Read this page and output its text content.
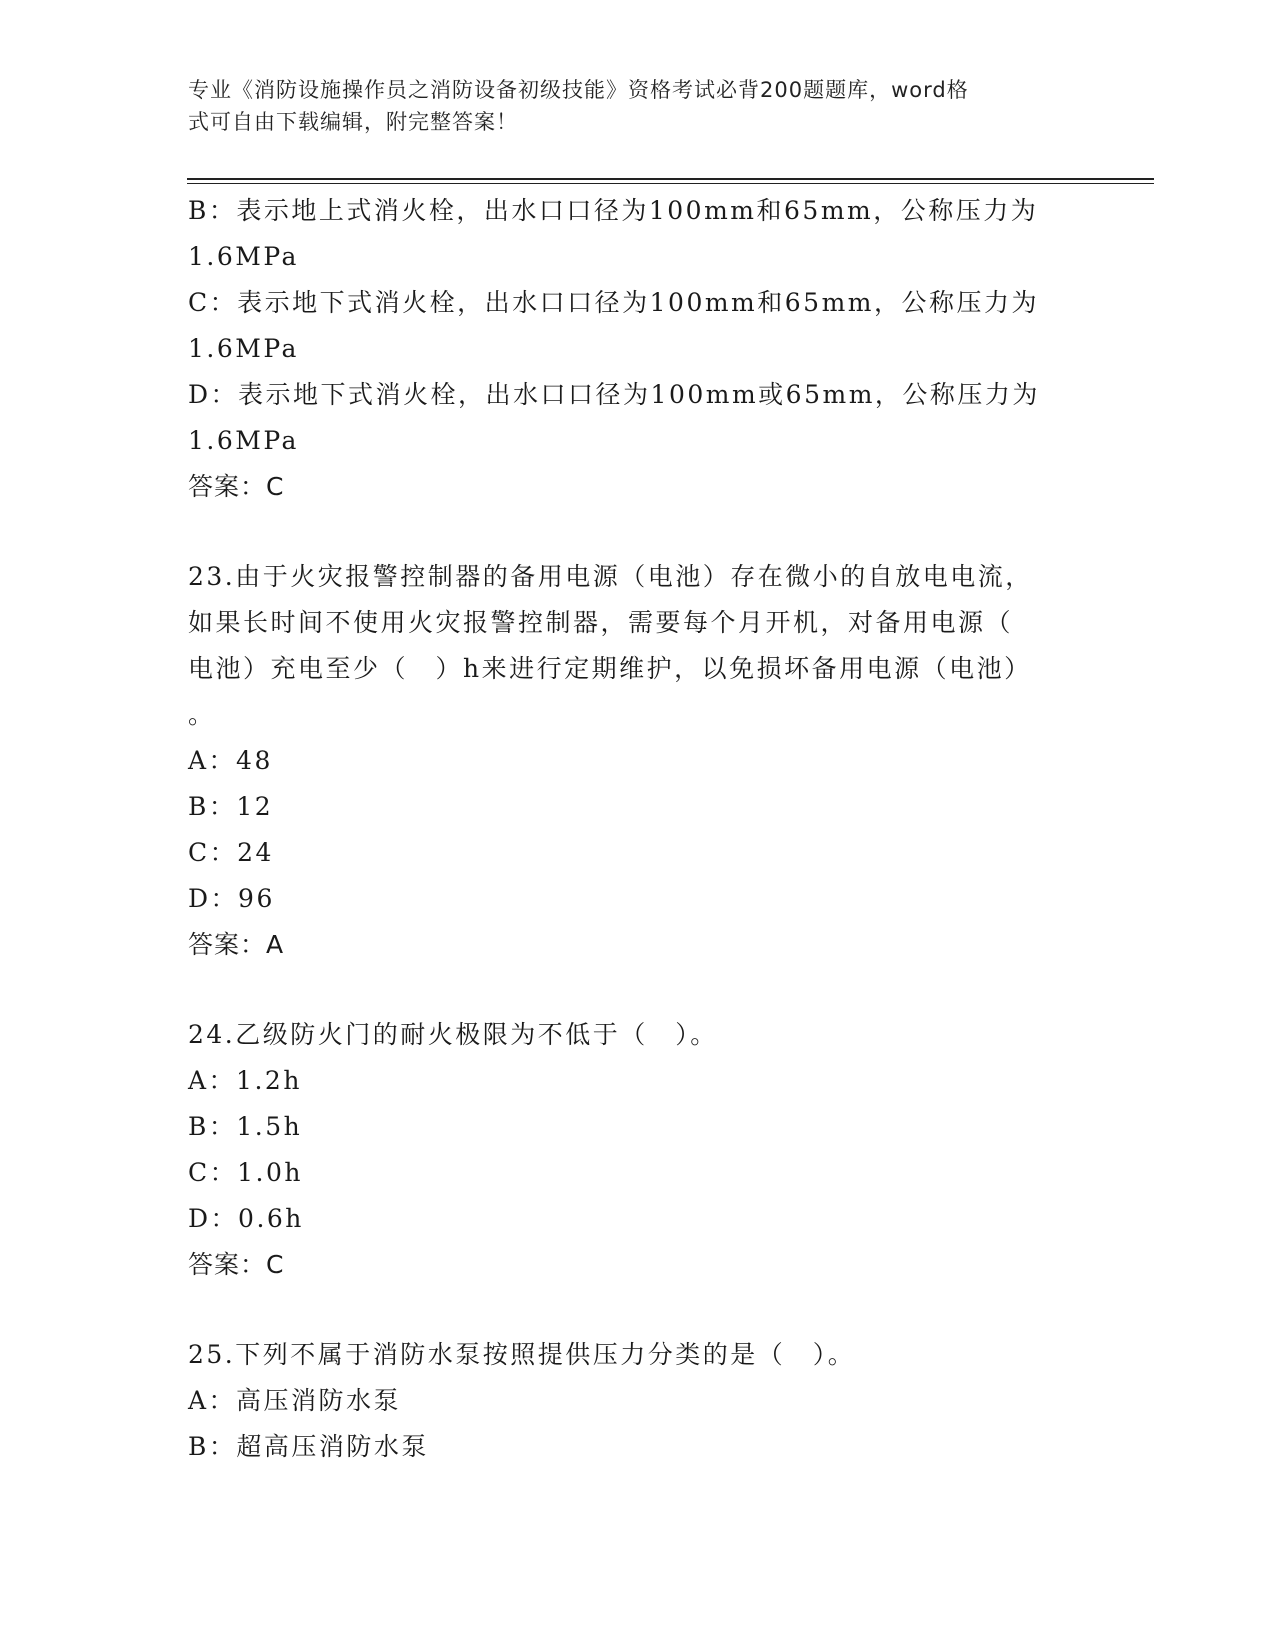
专业《消防设施操作员之消防设备初级技能》资格考试必背200题题库，word格
式可自由下载编辑，附完整答案！
B：表示地上式消火栓，出水口口径为100mm和65mm，公称压力为
1.6MPa
C：表示地下式消火栓，出水口口径为100mm和65mm，公称压力为
1.6MPa
D：表示地下式消火栓，出水口口径为100mm或65mm，公称压力为
1.6MPa
答案：C
23.由于火灾报警控制器的备用电源（电池）存在微小的自放电电流，
如果长时间不使用火灾报警控制器，需要每个月开机，对备用电源（
电池）充电至少（　）h来进行定期维护，以免损坏备用电源（电池）
。
A：48
B：12
C：24
D：96
答案：A
24.乙级防火门的耐火极限为不低于（　）。
A：1.2h
B：1.5h
C：1.0h
D：0.6h
答案：C
25.下列不属于消防水泵按照提供压力分类的是（　）。
A：高压消防水泵
B：超高压消防水泵
